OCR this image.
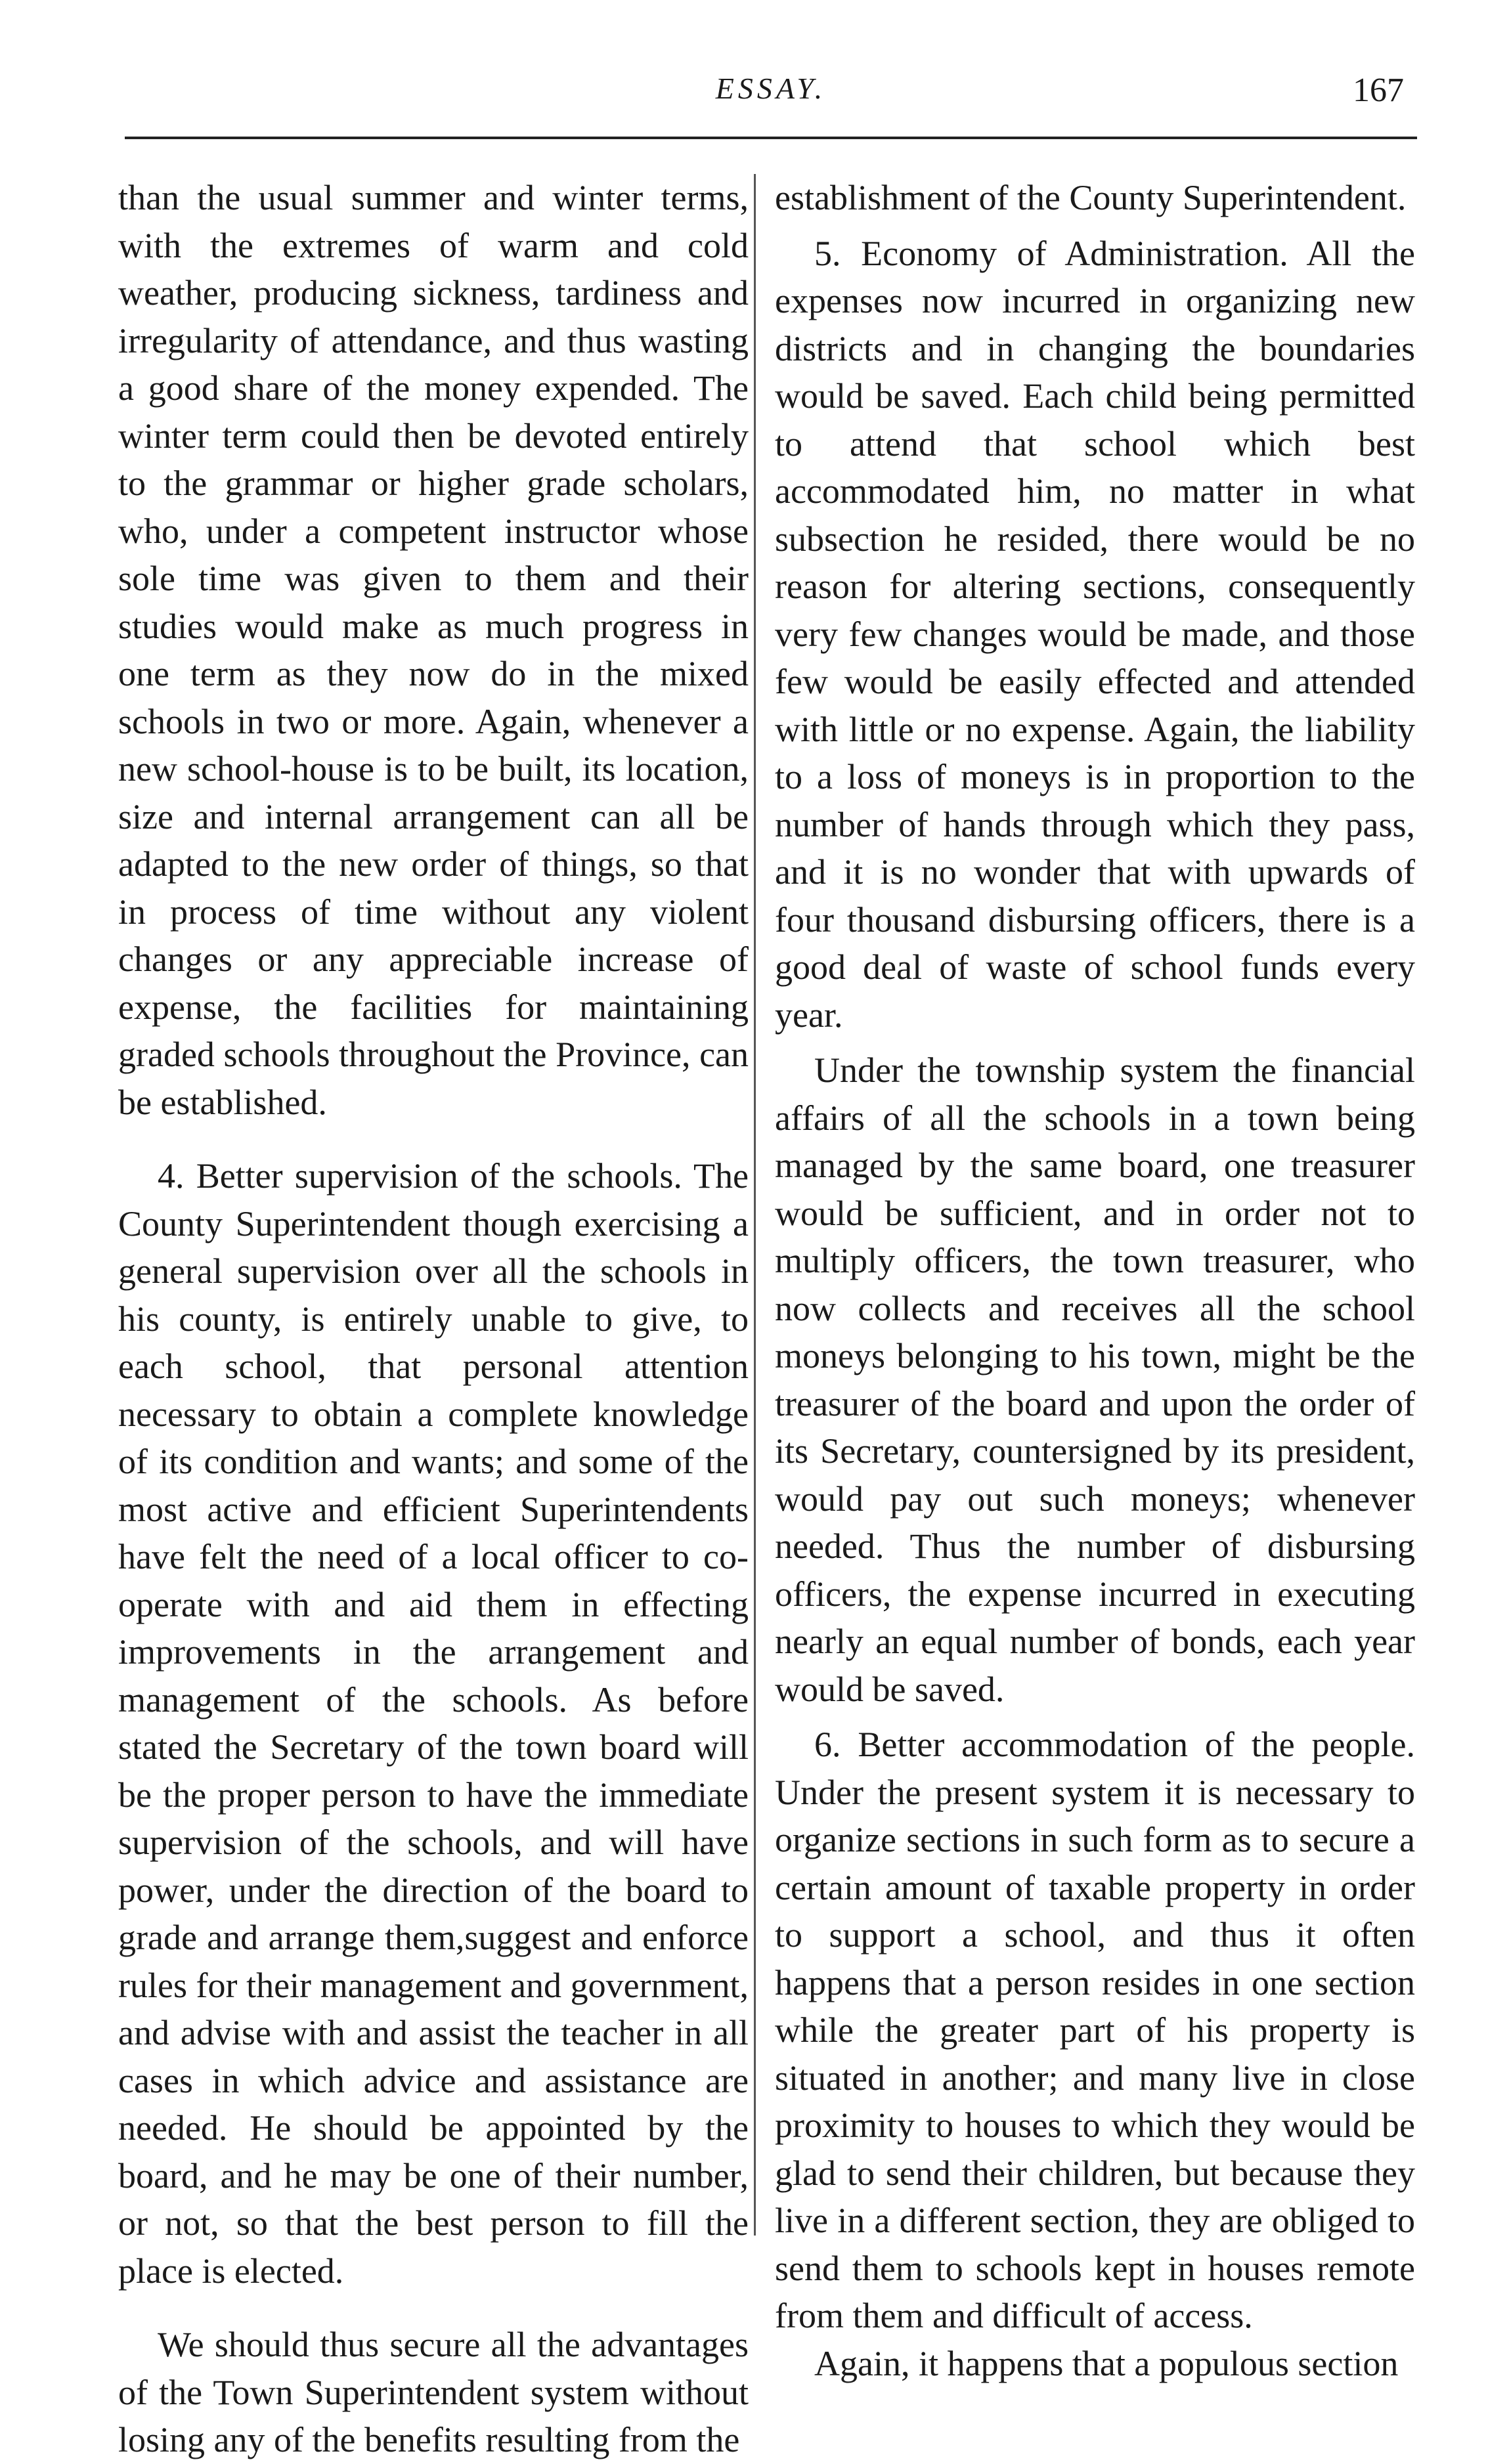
ESSAY.	167

than the usual summer and winter terms, with the extremes of warm and cold weather, producing sickness, tardiness and irregularity of attendance, and thus wasting a good share of the money expended. The winter term could then be devoted entirely to the grammar or higher grade scholars, who, under a competent instructor whose sole time was given to them and their studies would make as much progress in one term as they now do in the mixed schools in two or more. Again, whenever a new school-house is to be built, its location, size and internal arrangement can all be adapted to the new order of things, so that in process of time without any violent changes or any appreciable increase of expense, the facilities for maintaining graded schools throughout the Province, can be established.

4. Better supervision of the schools. The County Superintendent though exercising a general supervision over all the schools in his county, is entirely unable to give, to each school, that personal attention necessary to obtain a complete knowledge of its condition and wants; and some of the most active and efficient Superintendents have felt the need of a local officer to co-operate with and aid them in effecting improvements in the arrangement and management of the schools. As before stated the Secretary of the town board will be the proper person to have the immediate supervision of the schools, and will have power, under the direction of the board to grade and arrange them,suggest and enforce rules for their management and government, and advise with and assist the teacher in all cases in which advice and assistance are needed. He should be appointed by the board, and he may be one of their number, or not, so that the best person to fill the place is elected.

We should thus secure all the advantages of the Town Superintendent system without losing any of the benefits resulting from the

establishment of the County Superintendent.

5. Economy of Administration. All the expenses now incurred in organizing new districts and in changing the boundaries would be saved. Each child being permitted to attend that school which best accommodated him, no matter in what subsection he resided, there would be no reason for altering sections, consequently very few changes would be made, and those few would be easily effected and attended with little or no expense. Again, the liability to a loss of moneys is in proportion to the number of hands through which they pass, and it is no wonder that with upwards of four thousand disbursing officers, there is a good deal of waste of school funds every year.

Under the township system the financial affairs of all the schools in a town being managed by the same board, one treasurer would be sufficient, and in order not to multiply officers, the town treasurer, who now collects and receives all the school moneys belonging to his town, might be the treasurer of the board and upon the order of its Secretary, countersigned by its president, would pay out such moneys; whenever needed. Thus the number of disbursing officers, the expense incurred in executing nearly an equal number of bonds, each year would be saved.

6. Better accommodation of the people. Under the present system it is necessary to organize sections in such form as to secure a certain amount of taxable property in order to support a school, and thus it often happens that a person resides in one section while the greater part of his property is situated in another; and many live in close proximity to houses to which they would be glad to send their children, but because they live in a different section, they are obliged to send them to schools kept in houses remote from them and difficult of access.

Again, it happens that a populous section
